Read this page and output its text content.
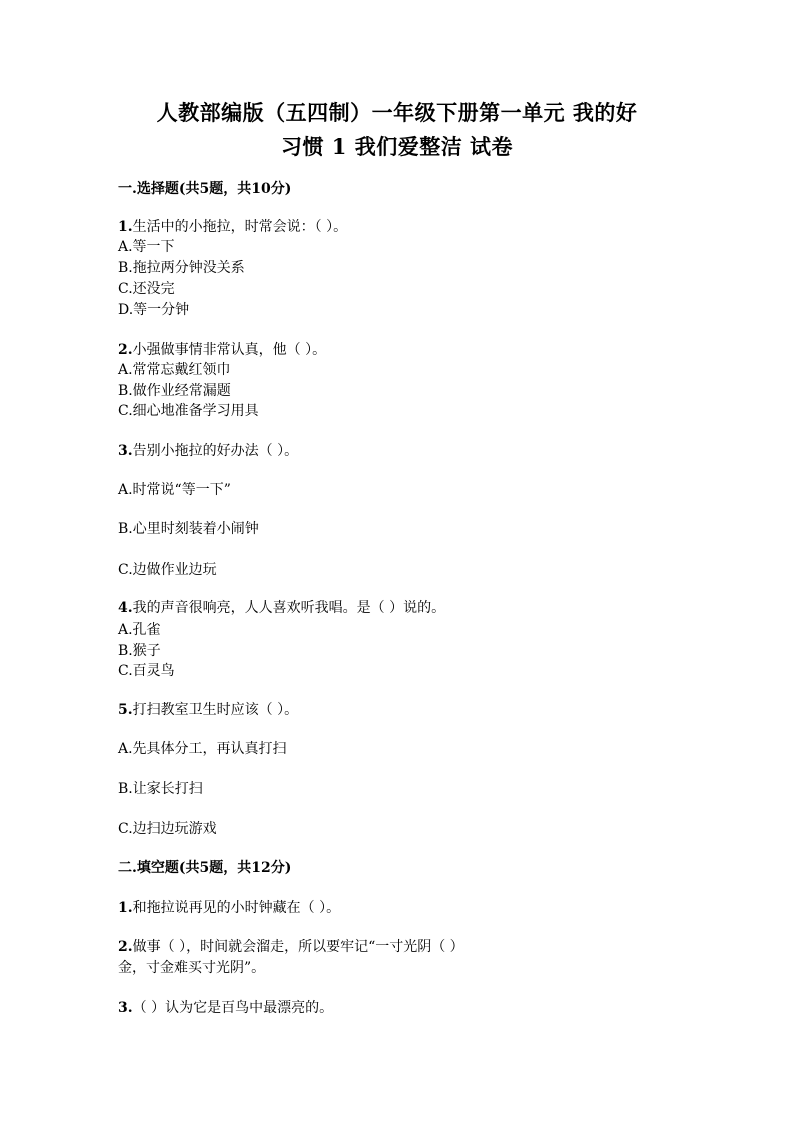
人教部编版（五四制）一年级下册第一单元 我的好
习惯 1 我们爱整洁 试卷
一.选择题(共5题，共10分)
1.生活中的小拖拉，时常会说：（ ）。
A.等一下
B.拖拉两分钟没关系
C.还没完
D.等一分钟
2.小强做事情非常认真，他（ ）。
A.常常忘戴红领巾
B.做作业经常漏题
C.细心地准备学习用具
3.告别小拖拉的好办法（ ）。
A.时常说“等一下”
B.心里时刻装着小闹钟
C.边做作业边玩
4.我的声音很响亮，人人喜欢听我唱。是（ ）说的。
A.孔雀
B.猴子
C.百灵鸟
5.打扫教室卫生时应该（ ）。
A.先具体分工，再认真打扫
B.让家长打扫
C.边扫边玩游戏
二.填空题(共5题，共12分)
1.和拖拉说再见的小时钟藏在（ ）。
2.做事（ ），时间就会溜走，所以要牢记“一寸光阴（ ）
金，寸金难买寸光阴”。
3.（ ）认为它是百鸟中最漂亮的。
